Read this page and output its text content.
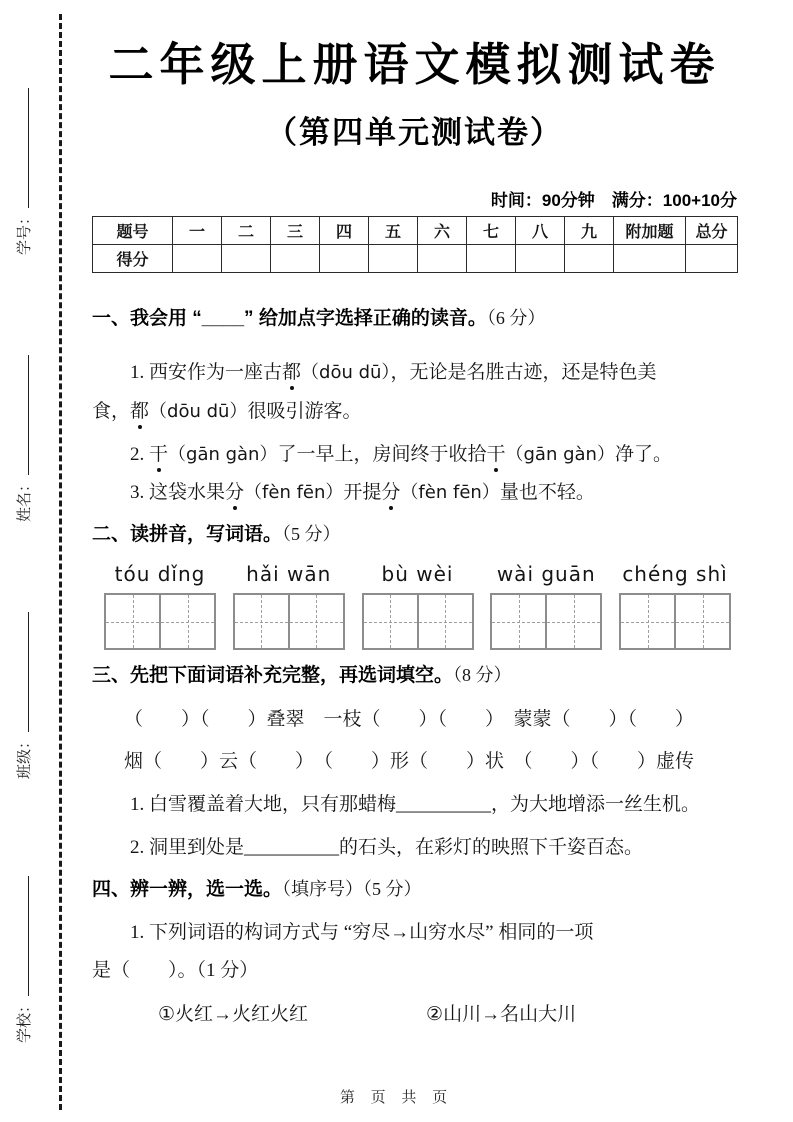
学号：
姓名：
班级：
学校：
二年级上册语文模拟测试卷
（第四单元测试卷）
时间：90分钟　满分：100+10分
题号	一	二	三	四	五	六	七	八	九	附加题	总分
得分											
一、我会用 “____” 给加点字选择正确的读音。（6 分）
1. 西安作为一座古都（dōu dū），无论是名胜古迹，还是特色美
食，都（dōu dū）很吸引游客。
2. 干（gān gàn）了一早上，房间终于收拾干（gān gàn）净了。
3. 这袋水果分（fèn fēn）开提分（fèn fēn）量也不轻。
二、读拼音，写词语。（5 分）
tóu dǐng hǎi wān	bù wèi wài guān chéng shì
三、先把下面词语补充完整，再选词填空。（8 分）
（　　）（　　）叠翠　一枝（　　）（　　）　蒙蒙（　　）（　　）
烟（　　）云（　　）　（　　）形（　　）状　（　　）（　　）虚传
1. 白雪覆盖着大地，只有那蜡梅__________，为大地增添一丝生机。
2. 洞里到处是__________的石头，在彩灯的映照下千姿百态。
四、辨一辨，选一选。（填序号）（5 分）
1. 下列词语的构词方式与 “穷尽→山穷水尽” 相同的一项
是（　　）。（1 分）
①火红→火红火红	②山川→名山大川
第 页 共 页
